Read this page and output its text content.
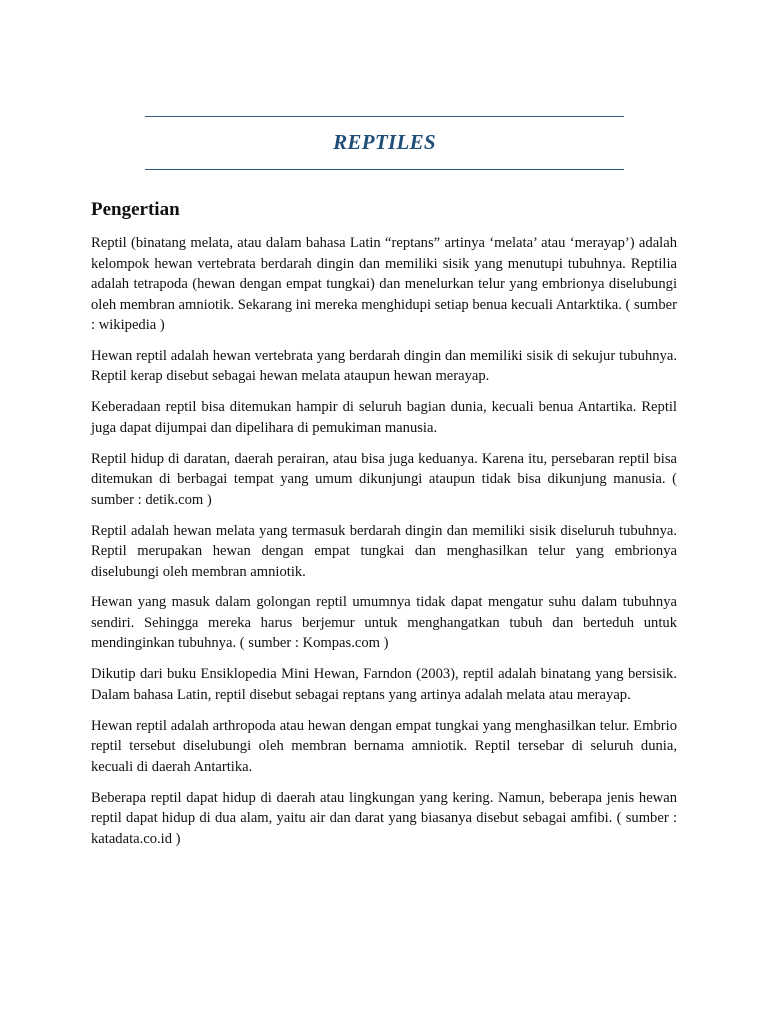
REPTILES
Pengertian

Reptil (binatang melata, atau dalam bahasa Latin “reptans” artinya ‘melata’ atau ‘merayap’) adalah kelompok hewan vertebrata berdarah dingin dan memiliki sisik yang menutupi tubuhnya. Reptilia adalah tetrapoda (hewan dengan empat tungkai) dan menelurkan telur yang embrionya diselubungi oleh membran amniotik. Sekarang ini mereka menghidupi setiap benua kecuali Antarktika. ( sumber : wikipedia )

Hewan reptil adalah hewan vertebrata yang berdarah dingin dan memiliki sisik di sekujur tubuhnya. Reptil kerap disebut sebagai hewan melata ataupun hewan merayap.

Keberadaan reptil bisa ditemukan hampir di seluruh bagian dunia, kecuali benua Antartika. Reptil juga dapat dijumpai dan dipelihara di pemukiman manusia.

Reptil hidup di daratan, daerah perairan, atau bisa juga keduanya. Karena itu, persebaran reptil bisa ditemukan di berbagai tempat yang umum dikunjungi ataupun tidak bisa dikunjung manusia. ( sumber : detik.com )

Reptil adalah hewan melata yang termasuk berdarah dingin dan memiliki sisik diseluruh tubuhnya. Reptil merupakan hewan dengan empat tungkai dan menghasilkan telur yang embrionya diselubungi oleh membran amniotik.

Hewan yang masuk dalam golongan reptil umumnya tidak dapat mengatur suhu dalam tubuhnya sendiri. Sehingga mereka harus berjemur untuk menghangatkan tubuh dan berteduh untuk mendinginkan tubuhnya. ( sumber : Kompas.com )

Dikutip dari buku Ensiklopedia Mini Hewan, Farndon (2003), reptil adalah binatang yang bersisik. Dalam bahasa Latin, reptil disebut sebagai reptans yang artinya adalah melata atau merayap.

Hewan reptil adalah arthropoda atau hewan dengan empat tungkai yang menghasilkan telur. Embrio reptil tersebut diselubungi oleh membran bernama amniotik. Reptil tersebar di seluruh dunia, kecuali di daerah Antartika.

Beberapa reptil dapat hidup di daerah atau lingkungan yang kering. Namun, beberapa jenis hewan reptil dapat hidup di dua alam, yaitu air dan darat yang biasanya disebut sebagai amfibi. ( sumber : katadata.co.id )
